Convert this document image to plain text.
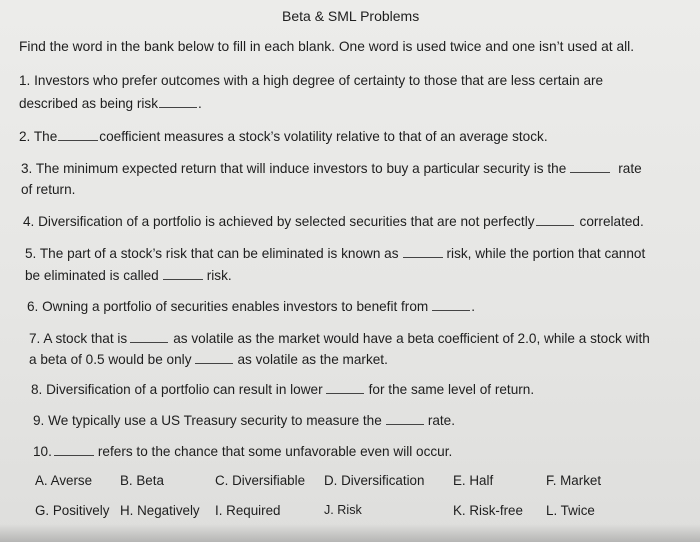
Beta & SML Problems
Find the word in the bank below to fill in each blank. One word is used twice and one isn’t used at all.
1. Investors who prefer outcomes with a high degree of certainty to those that are less certain are
described as being risk	.
2. The	coefficient measures a stock’s volatility relative to that of an average stock.
3. The minimum expected return that will induce investors to buy a particular security is the	rate
of return.
4. Diversification of a portfolio is achieved by selected securities that are not perfectly	correlated.
5. The part of a stock’s risk that can be eliminated is known as	risk, while the portion that cannot
be eliminated is called	risk.
6. Owning a portfolio of securities enables investors to benefit from	.
7. A stock that is	as volatile as the market would have a beta coefficient of 2.0, while a stock with
a beta of 0.5 would be only	as volatile as the market.
8. Diversification of a portfolio can result in lower	for the same level of return.
9. We typically use a US Treasury security to measure the	rate.
10.	refers to the chance that some unfavorable even will occur.
A. Averse B. Beta	C. Diversifiable D. Diversification E. Half	F. Market
G. Positively H. Negatively I. Required	J. Risk	K. Risk-free L. Twice
